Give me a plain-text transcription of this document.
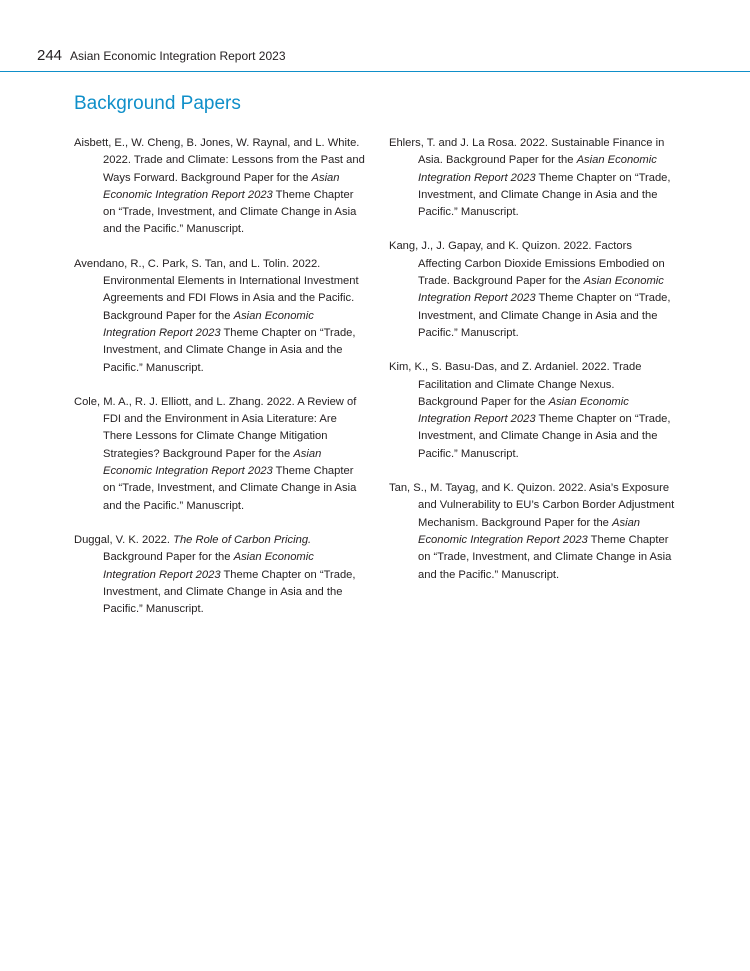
244 Asian Economic Integration Report 2023
Background Papers

Aisbett, E., W. Cheng, B. Jones, W. Raynal, and L. White. 2022. Trade and Climate: Lessons from the Past and Ways Forward. Background Paper for the Asian Economic Integration Report 2023 Theme Chapter on “Trade, Investment, and Climate Change in Asia and the Pacific.” Manuscript.

Avendano, R., C. Park, S. Tan, and L. Tolin. 2022. Environmental Elements in International Investment Agreements and FDI Flows in Asia and the Pacific. Background Paper for the Asian Economic Integration Report 2023 Theme Chapter on “Trade, Investment, and Climate Change in Asia and the Pacific.” Manuscript.

Cole, M. A., R. J. Elliott, and L. Zhang. 2022. A Review of FDI and the Environment in Asia Literature: Are There Lessons for Climate Change Mitigation Strategies? Background Paper for the Asian Economic Integration Report 2023 Theme Chapter on “Trade, Investment, and Climate Change in Asia and the Pacific.” Manuscript.

Duggal, V. K. 2022. The Role of Carbon Pricing. Background Paper for the Asian Economic Integration Report 2023 Theme Chapter on “Trade, Investment, and Climate Change in Asia and the Pacific.” Manuscript.

Ehlers, T. and J. La Rosa. 2022. Sustainable Finance in Asia. Background Paper for the Asian Economic Integration Report 2023 Theme Chapter on “Trade, Investment, and Climate Change in Asia and the Pacific.” Manuscript.

Kang, J., J. Gapay, and K. Quizon. 2022. Factors Affecting Carbon Dioxide Emissions Embodied on Trade. Background Paper for the Asian Economic Integration Report 2023 Theme Chapter on “Trade, Investment, and Climate Change in Asia and the Pacific.” Manuscript.

Kim, K., S. Basu-Das, and Z. Ardaniel. 2022. Trade Facilitation and Climate Change Nexus. Background Paper for the Asian Economic Integration Report 2023 Theme Chapter on “Trade, Investment, and Climate Change in Asia and the Pacific.” Manuscript.

Tan, S., M. Tayag, and K. Quizon. 2022. Asia’s Exposure and Vulnerability to EU’s Carbon Border Adjustment Mechanism. Background Paper for the Asian Economic Integration Report 2023 Theme Chapter on “Trade, Investment, and Climate Change in Asia and the Pacific.” Manuscript.
